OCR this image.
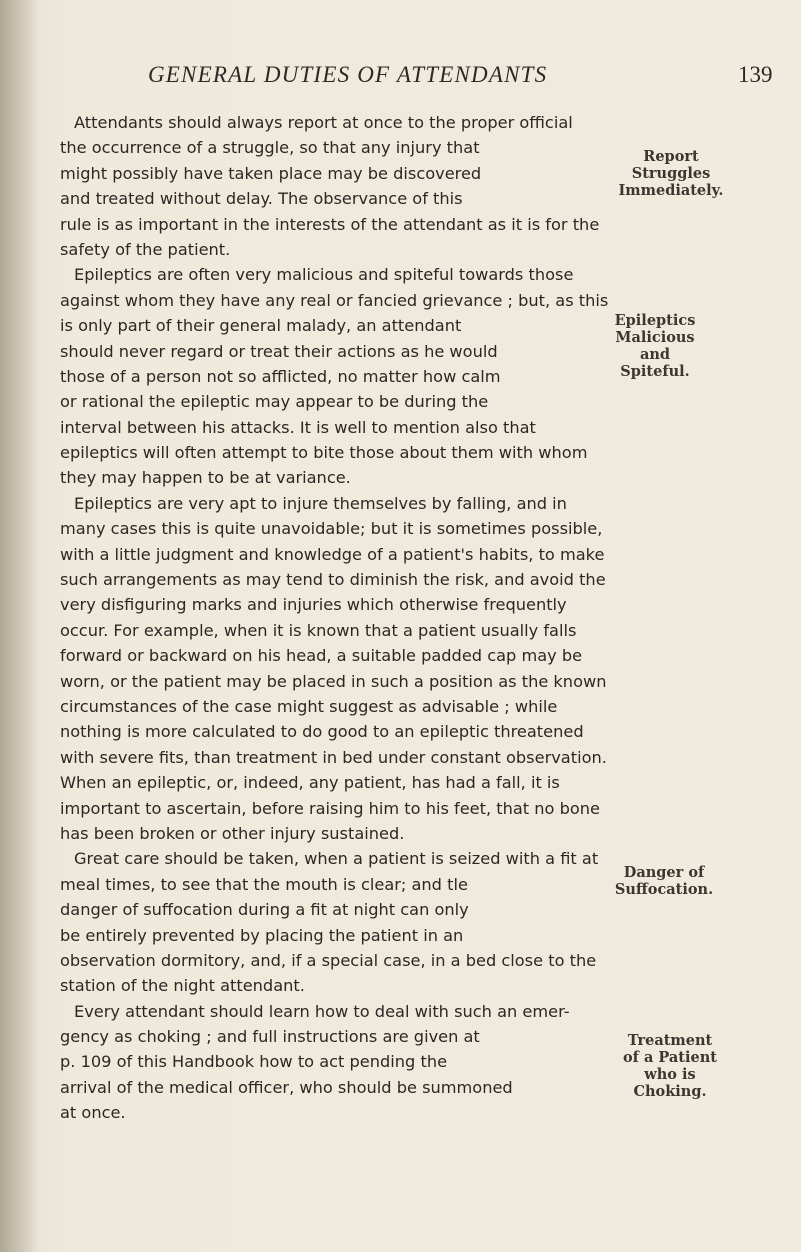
GENERAL DUTIES OF ATTENDANTS	139
Attendants should always report at once to the proper official
the occurrence of a struggle, so that any injury that
might possibly have taken place may be discovered
and treated without delay. The observance of this
rule is as important in the interests of the attendant as it is for the
safety of the patient.
Epileptics are often very malicious and spiteful towards those
against whom they have any real or fancied grievance ; but, as this
is only part of their general malady, an attendant
should never regard or treat their actions as he would
those of a person not so afflicted, no matter how calm
or rational the epileptic may appear to be during the
interval between his attacks. It is well to mention also that
epileptics will often attempt to bite those about them with whom
they may happen to be at variance.
Epileptics are very apt to injure themselves by falling, and in
many cases this is quite unavoidable; but it is sometimes possible,
with a little judgment and knowledge of a patient's habits, to make
such arrangements as may tend to diminish the risk, and avoid the
very disfiguring marks and injuries which otherwise frequently
occur. For example, when it is known that a patient usually falls
forward or backward on his head, a suitable padded cap may be
worn, or the patient may be placed in such a position as the known
circumstances of the case might suggest as advisable ; while
nothing is more calculated to do good to an epileptic threatened
with severe fits, than treatment in bed under constant observation.
When an epileptic, or, indeed, any patient, has had a fall, it is
important to ascertain, before raising him to his feet, that no bone
has been broken or other injury sustained.
Great care should be taken, when a patient is seized with a fit at
meal times, to see that the mouth is clear; and tle
danger of suffocation during a fit at night can only
be entirely prevented by placing the patient in an
observation dormitory, and, if a special case, in a bed close to the
station of the night attendant.
Every attendant should learn how to deal with such an emer-
gency as choking ; and full instructions are given at
p. 109 of this Handbook how to act pending the
arrival of the medical officer, who should be summoned
at once.
Report
Struggles
Immediately.
Epileptics
Malicious
and
Spiteful.
Danger of
Suffocation.
Treatment
of a Patient
who is
Choking.
